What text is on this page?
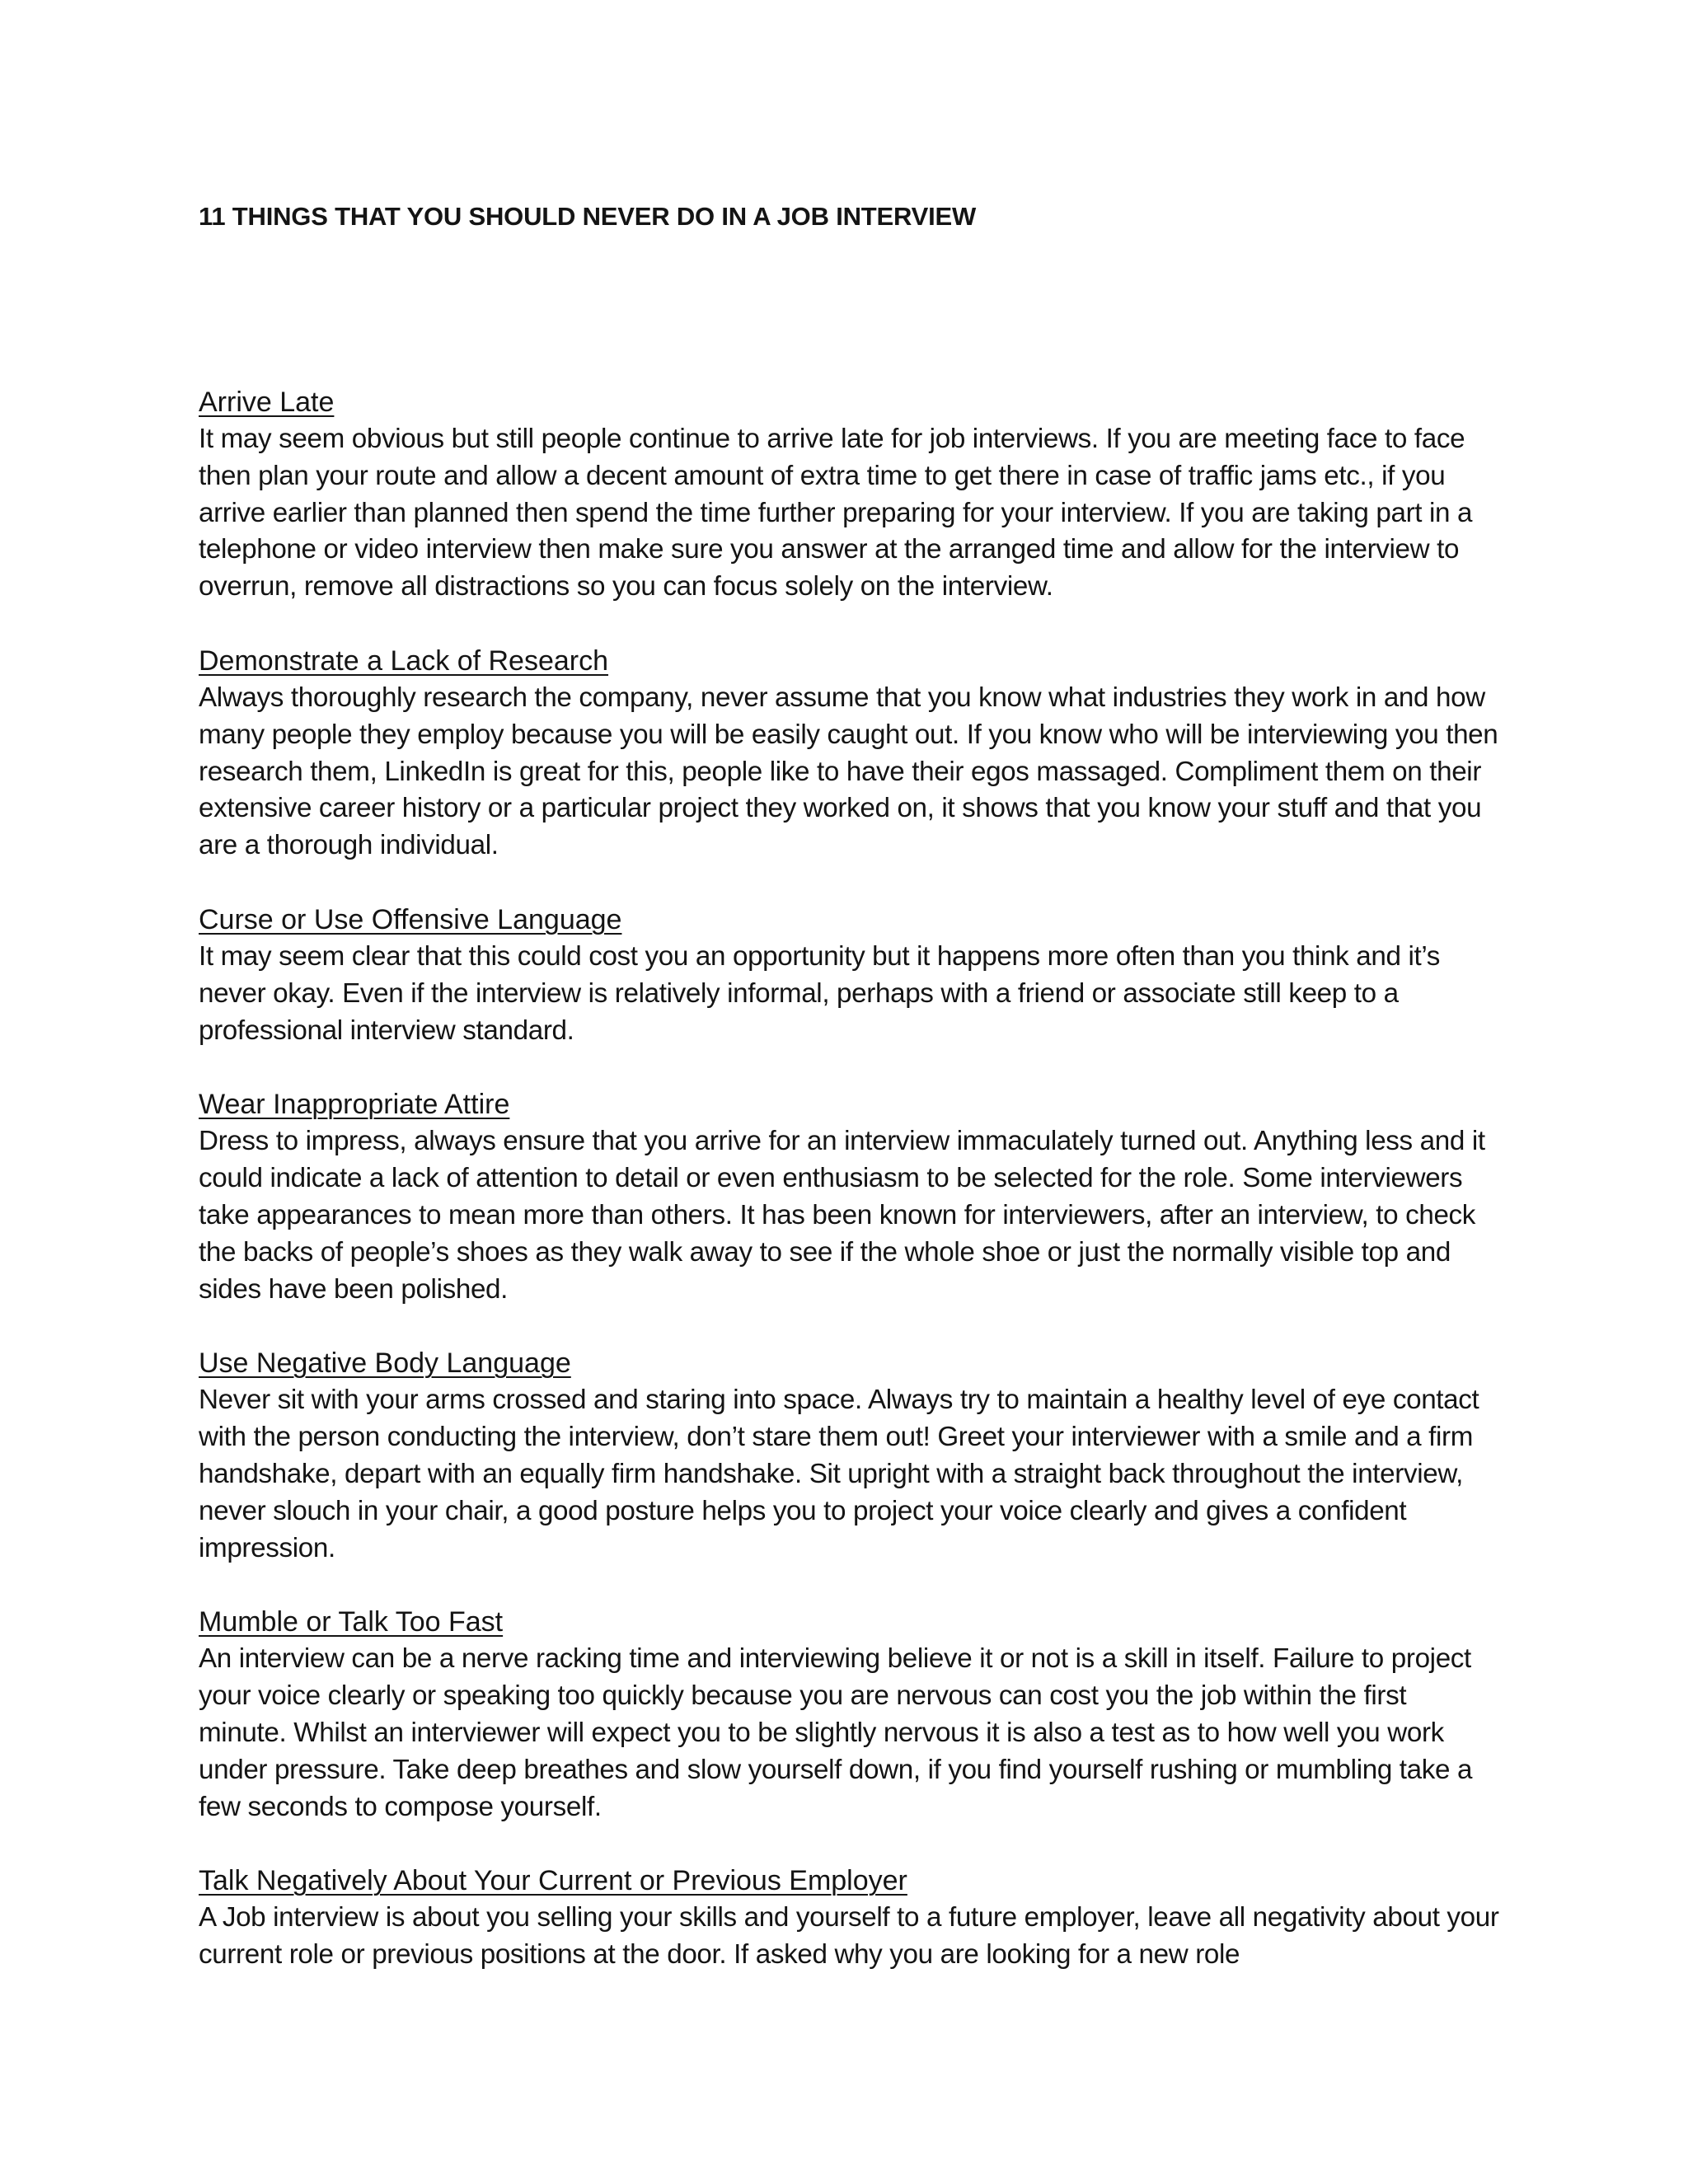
11 THINGS THAT YOU SHOULD NEVER DO IN A JOB INTERVIEW
Arrive Late

It may seem obvious but still people continue to arrive late for job interviews. If you are meeting face to face then plan your route and allow a decent amount of extra time to get there in case of traffic jams etc., if you arrive earlier than planned then spend the time further preparing for your interview. If you are taking part in a telephone or video interview then make sure you answer at the arranged time and allow for the interview to overrun, remove all distractions so you can focus solely on the interview.

Demonstrate a Lack of Research

Always thoroughly research the company, never assume that you know what industries they work in and how many people they employ because you will be easily caught out. If you know who will be interviewing you then research them, LinkedIn is great for this, people like to have their egos massaged. Compliment them on their extensive career history or a particular project they worked on, it shows that you know your stuff and that you are a thorough individual.

Curse or Use Offensive Language

It may seem clear that this could cost you an opportunity but it happens more often than you think and it’s never okay. Even if the interview is relatively informal, perhaps with a friend or associate still keep to a professional interview standard.

Wear Inappropriate Attire

Dress to impress, always ensure that you arrive for an interview immaculately turned out. Anything less and it could indicate a lack of attention to detail or even enthusiasm to be selected for the role. Some interviewers take appearances to mean more than others. It has been known for interviewers, after an interview, to check the backs of people’s shoes as they walk away to see if the whole shoe or just the normally visible top and sides have been polished.

Use Negative Body Language

Never sit with your arms crossed and staring into space. Always try to maintain a healthy level of eye contact with the person conducting the interview, don’t stare them out! Greet your interviewer with a smile and a firm handshake, depart with an equally firm handshake. Sit upright with a straight back throughout the interview, never slouch in your chair, a good posture helps you to project your voice clearly and gives a confident impression.

Mumble or Talk Too Fast

An interview can be a nerve racking time and interviewing believe it or not is a skill in itself. Failure to project your voice clearly or speaking too quickly because you are nervous can cost you the job within the first minute. Whilst an interviewer will expect you to be slightly nervous it is also a test as to how well you work under pressure. Take deep breathes and slow yourself down, if you find yourself rushing or mumbling take a few seconds to compose yourself.

Talk Negatively About Your Current or Previous Employer

A Job interview is about you selling your skills and yourself to a future employer, leave all negativity about your current role or previous positions at the door. If asked why you are looking for a new role
